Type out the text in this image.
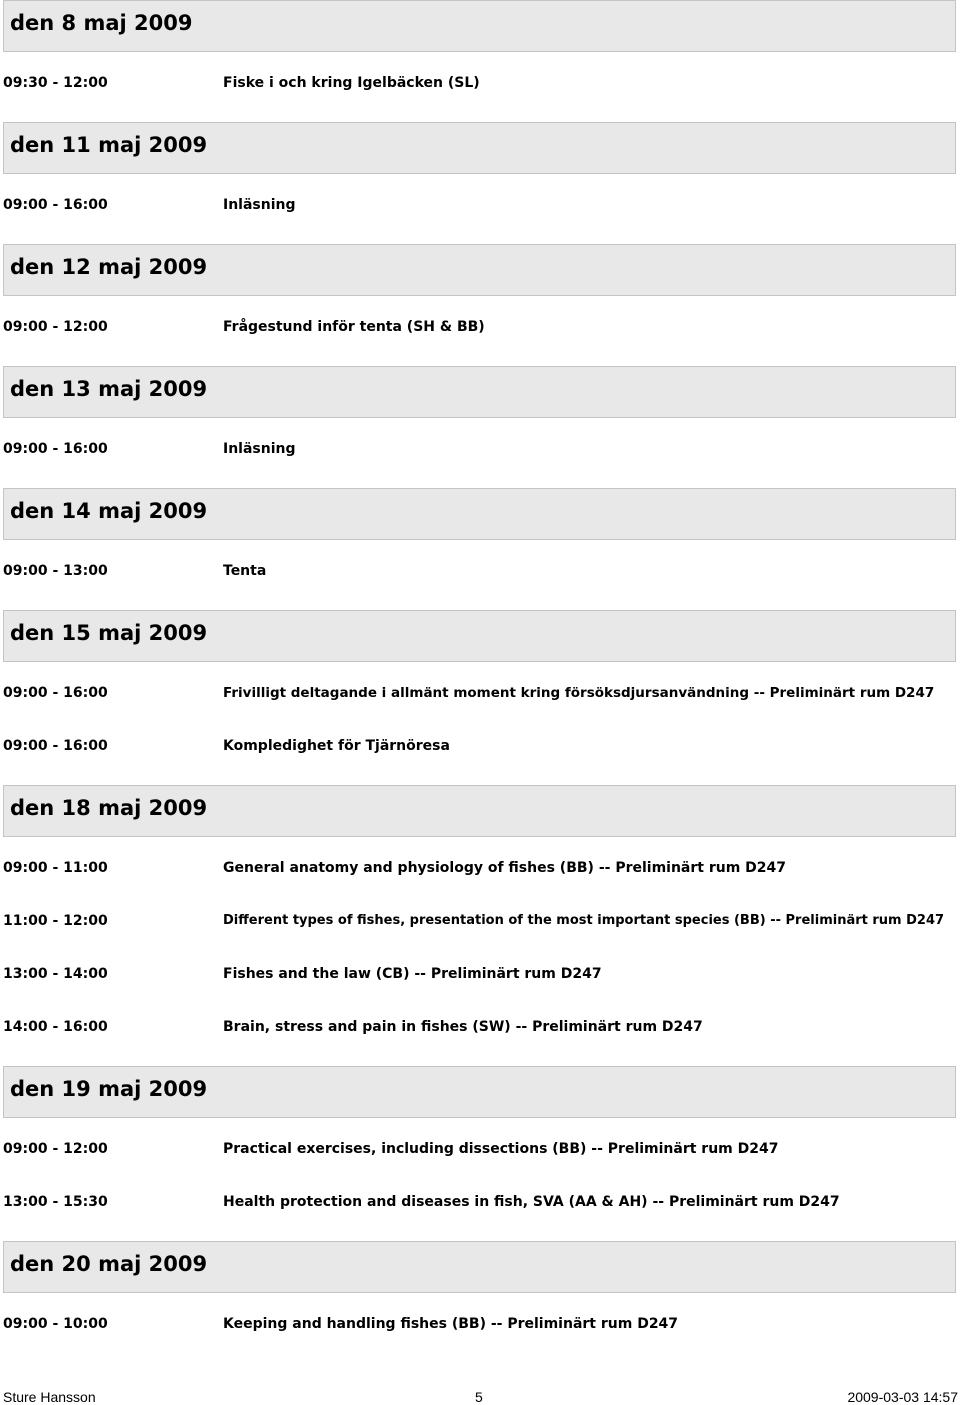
den 8 maj 2009
09:30 - 12:00	Fiske i och kring Igelbäcken (SL)
den 11 maj 2009
09:00 - 16:00	Inläsning
den 12 maj 2009
09:00 - 12:00	Frågestund inför tenta (SH & BB)
den 13 maj 2009
09:00 - 16:00	Inläsning
den 14 maj 2009
09:00 - 13:00	Tenta
den 15 maj 2009
09:00 - 16:00	Frivilligt deltagande i allmänt moment kring försöksdjursanvändning -- Preliminärt rum D247
09:00 - 16:00	Kompledighet för Tjärnöresa
den 18 maj 2009
09:00 - 11:00	General anatomy and physiology of fishes (BB) -- Preliminärt rum D247
11:00 - 12:00	Different types of fishes, presentation of the most important species (BB) -- Preliminärt rum D247
13:00 - 14:00	Fishes and the law (CB) -- Preliminärt rum D247
14:00 - 16:00	Brain, stress and pain in fishes (SW) -- Preliminärt rum D247
den 19 maj 2009
09:00 - 12:00	Practical exercises, including dissections (BB) -- Preliminärt rum D247
13:00 - 15:30	Health protection and diseases in fish, SVA (AA & AH) -- Preliminärt rum D247
den 20 maj 2009
09:00 - 10:00	Keeping and handling fishes (BB) -- Preliminärt rum D247
Sture Hansson	5	2009-03-03 14:57
